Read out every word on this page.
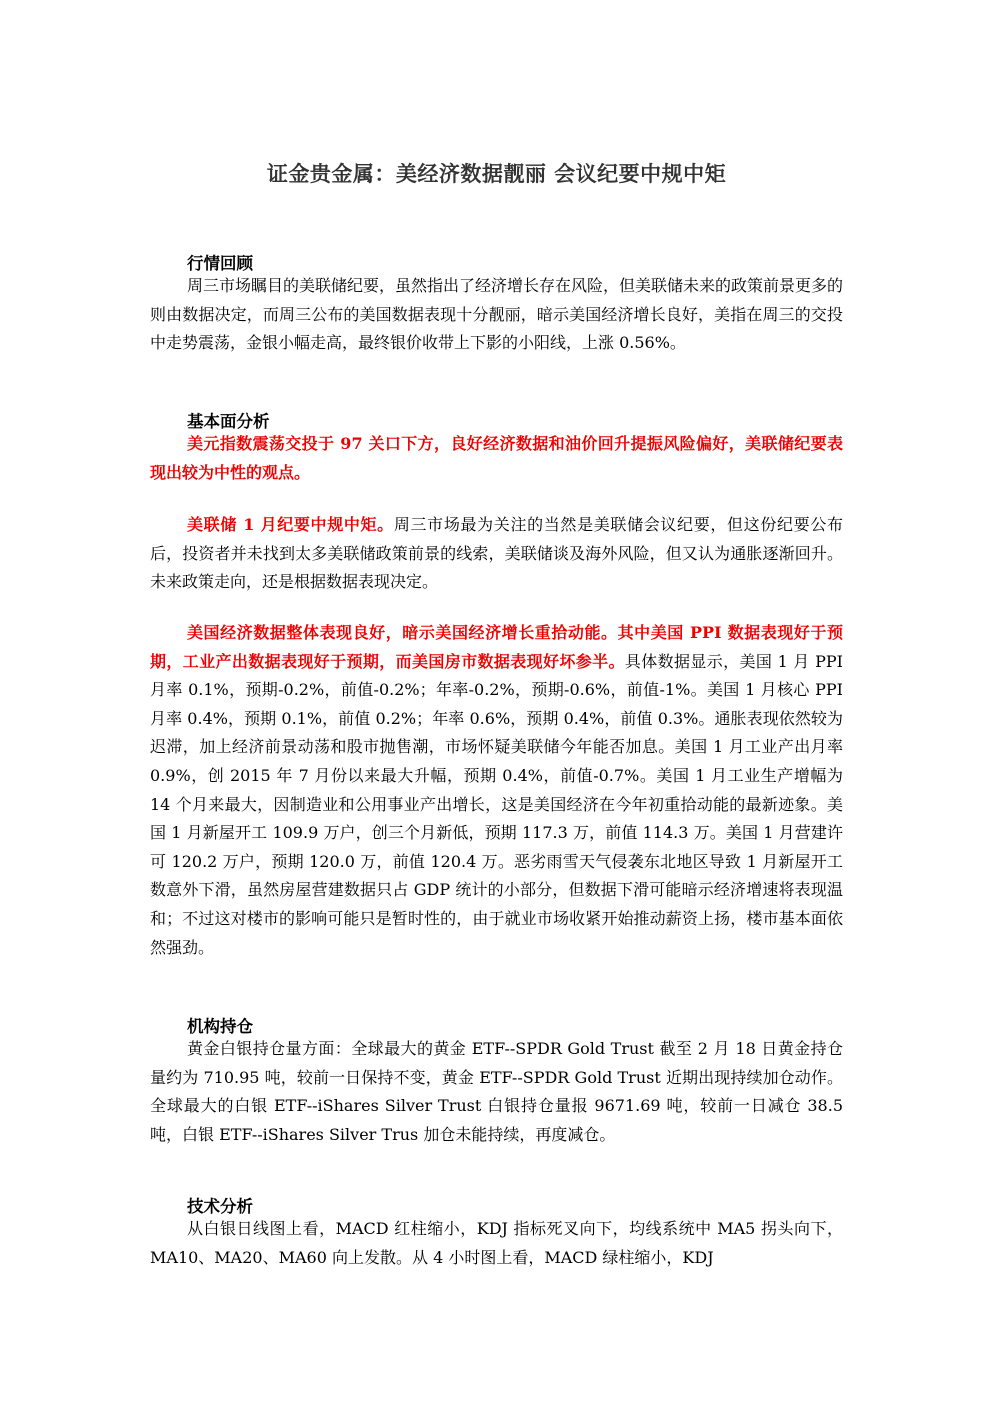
证金贵金属：美经济数据靓丽 会议纪要中规中矩
行情回顾
周三市场瞩目的美联储纪要，虽然指出了经济增长存在风险，但美联储未来的政策前景更多的则由数据决定，而周三公布的美国数据表现十分靓丽，暗示美国经济增长良好，美指在周三的交投中走势震荡，金银小幅走高，最终银价收带上下影的小阳线，上涨 0.56%。
基本面分析
美元指数震荡交投于 97 关口下方，良好经济数据和油价回升提振风险偏好，美联储纪要表现出较为中性的观点。
美联储 1 月纪要中规中矩。周三市场最为关注的当然是美联储会议纪要，但这份纪要公布后，投资者并未找到太多美联储政策前景的线索，美联储谈及海外风险，但又认为通胀逐渐回升。未来政策走向，还是根据数据表现决定。
美国经济数据整体表现良好，暗示美国经济增长重拾动能。其中美国 PPI 数据表现好于预期，工业产出数据表现好于预期，而美国房市数据表现好坏参半。具体数据显示，美国 1 月 PPI 月率 0.1%，预期-0.2%，前值-0.2%；年率-0.2%，预期-0.6%，前值-1%。美国 1 月核心 PPI 月率 0.4%，预期 0.1%，前值 0.2%；年率 0.6%，预期 0.4%，前值 0.3%。通胀表现依然较为迟滞，加上经济前景动荡和股市抛售潮，市场怀疑美联储今年能否加息。美国 1 月工业产出月率 0.9%，创 2015 年 7 月份以来最大升幅，预期 0.4%，前值-0.7%。美国 1 月工业生产增幅为 14 个月来最大，因制造业和公用事业产出增长，这是美国经济在今年初重拾动能的最新迹象。美国 1 月新屋开工 109.9 万户，创三个月新低，预期 117.3 万，前值 114.3 万。美国 1 月营建许可 120.2 万户，预期 120.0 万，前值 120.4 万。恶劣雨雪天气侵袭东北地区导致 1 月新屋开工数意外下滑，虽然房屋营建数据只占 GDP 统计的小部分，但数据下滑可能暗示经济增速将表现温和；不过这对楼市的影响可能只是暂时性的，由于就业市场收紧开始推动薪资上扬，楼市基本面依然强劲。
机构持仓
黄金白银持仓量方面：全球最大的黄金 ETF--SPDR Gold Trust 截至 2 月 18 日黄金持仓量约为 710.95 吨，较前一日保持不变，黄金 ETF--SPDR Gold Trust 近期出现持续加仓动作。全球最大的白银 ETF--iShares Silver Trust 白银持仓量报 9671.69 吨，较前一日减仓 38.5 吨，白银 ETF--iShares Silver Trus 加仓未能持续，再度减仓。
技术分析
从白银日线图上看，MACD 红柱缩小，KDJ 指标死叉向下，均线系统中 MA5 拐头向下，MA10、MA20、MA60 向上发散。从 4 小时图上看，MACD 绿柱缩小，KDJ
